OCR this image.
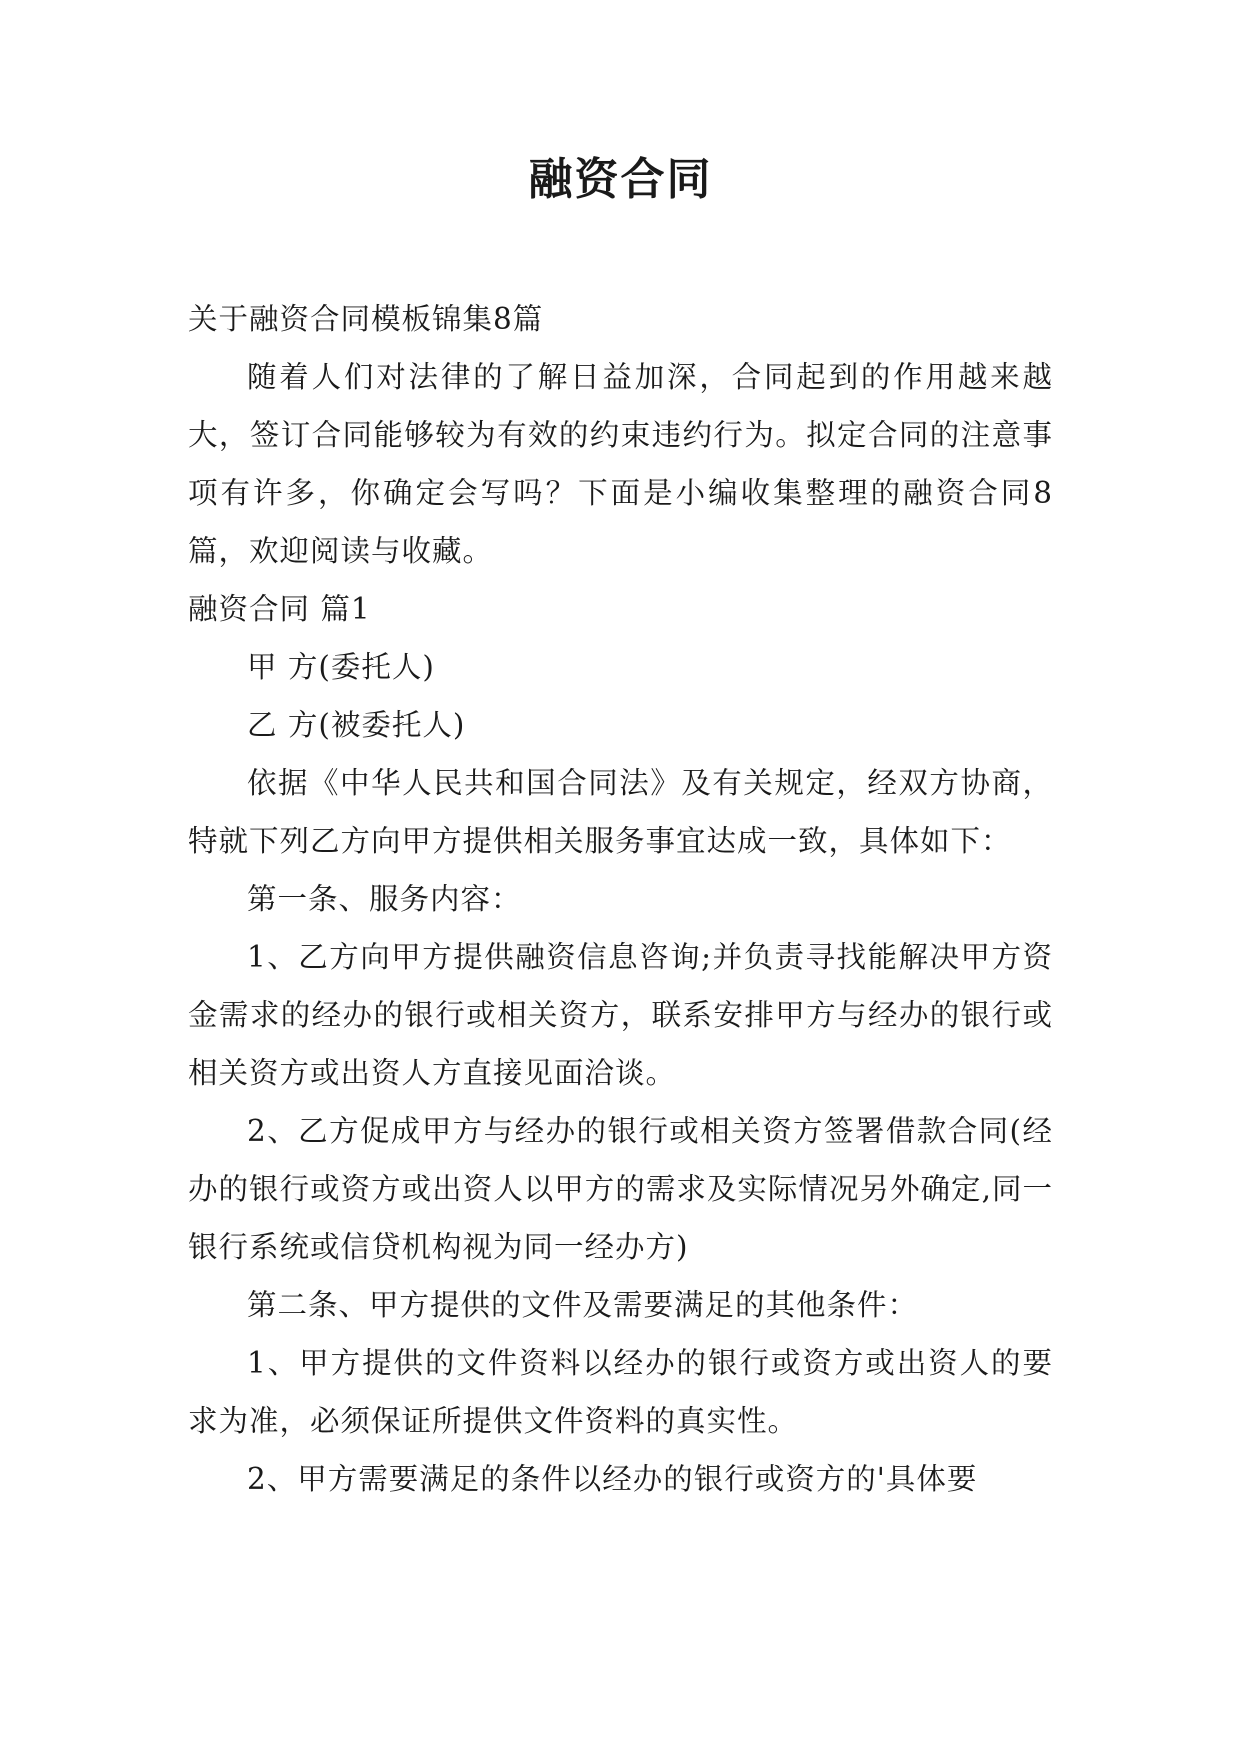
融资合同

关于融资合同模板锦集8篇

随着人们对法律的了解日益加深，合同起到的作用越来越大，签订合同能够较为有效的约束违约行为。拟定合同的注意事项有许多，你确定会写吗？下面是小编收集整理的融资合同8篇，欢迎阅读与收藏。

融资合同 篇1

甲 方(委托人)

乙 方(被委托人)

依据《中华人民共和国合同法》及有关规定，经双方协商，特就下列乙方向甲方提供相关服务事宜达成一致，具体如下：

第一条、服务内容：

1、乙方向甲方提供融资信息咨询;并负责寻找能解决甲方资金需求的经办的银行或相关资方，联系安排甲方与经办的银行或相关资方或出资人方直接见面洽谈。

2、乙方促成甲方与经办的银行或相关资方签署借款合同(经办的银行或资方或出资人以甲方的需求及实际情况另外确定,同一银行系统或信贷机构视为同一经办方)

第二条、甲方提供的文件及需要满足的其他条件：

1、甲方提供的文件资料以经办的银行或资方或出资人的要求为准，必须保证所提供文件资料的真实性。

2、甲方需要满足的条件以经办的银行或资方的'具体要
